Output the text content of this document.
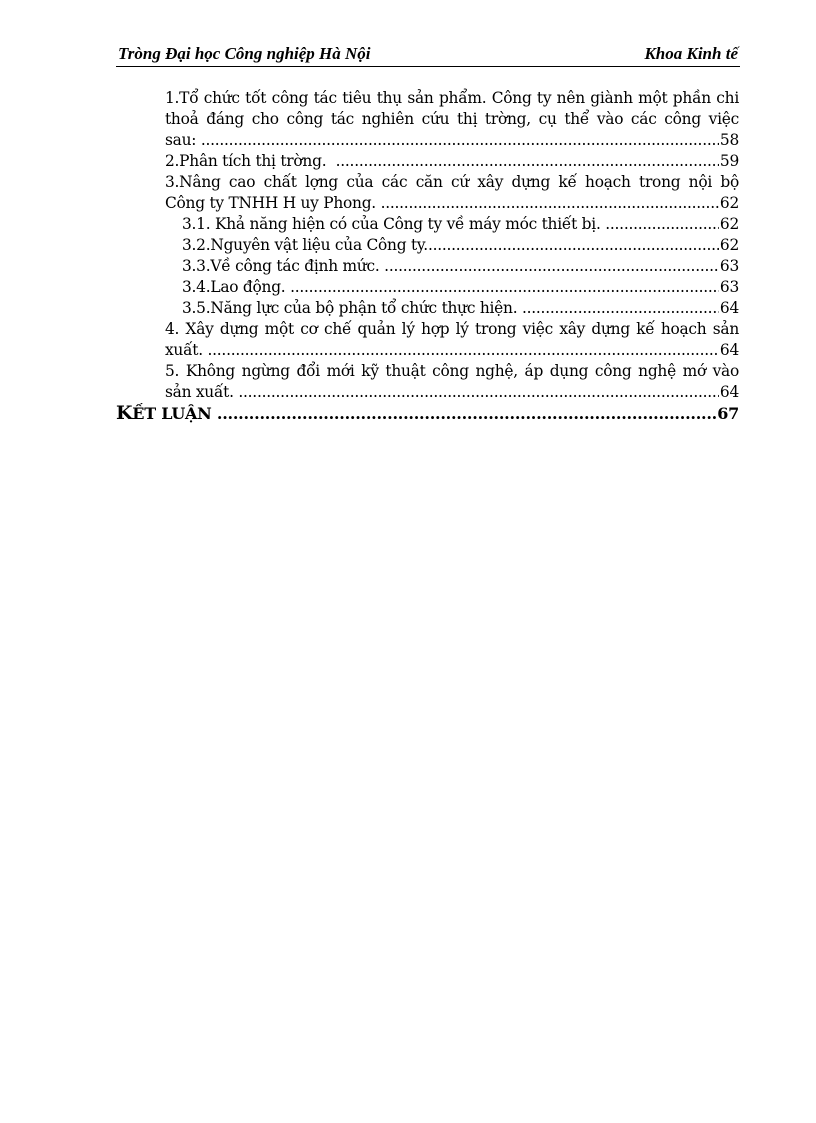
Tròng Đại học Công nghiệp Hà Nội	Khoa Kinh tế
1.Tổ chức tốt công tác tiêu thụ sản phẩm. Công ty nên giành một phần chi
thoả đáng cho công tác nghiên cứu thị trờng, cụ thể vào các công việc
sau: .....	58
2.Phân tích thị trờng. .....	59
3.Nâng cao chất lợng của các căn cứ xây dựng kế hoạch trong nội bộ
Công ty TNHH H uy Phong. .....	62
3.1. Khả năng hiện có của Công ty về máy móc thiết bị. .....	62
3.2.Nguyên vật liệu của Công ty. .....	62
3.3.Về công tác định mức. .....	63
3.4.Lao động. .....	63
3.5.Năng lực của bộ phận tổ chức thực hiện. .....	64
4. Xây dựng một cơ chế quản lý hợp lý trong việc xây dựng kế hoạch sản
xuất. .....	64
5. Không ngừng đổi mới kỹ thuật công nghệ, áp dụng công nghệ mớ vào
sản xuất. .....	64
KẾT LUẬN .....	67
